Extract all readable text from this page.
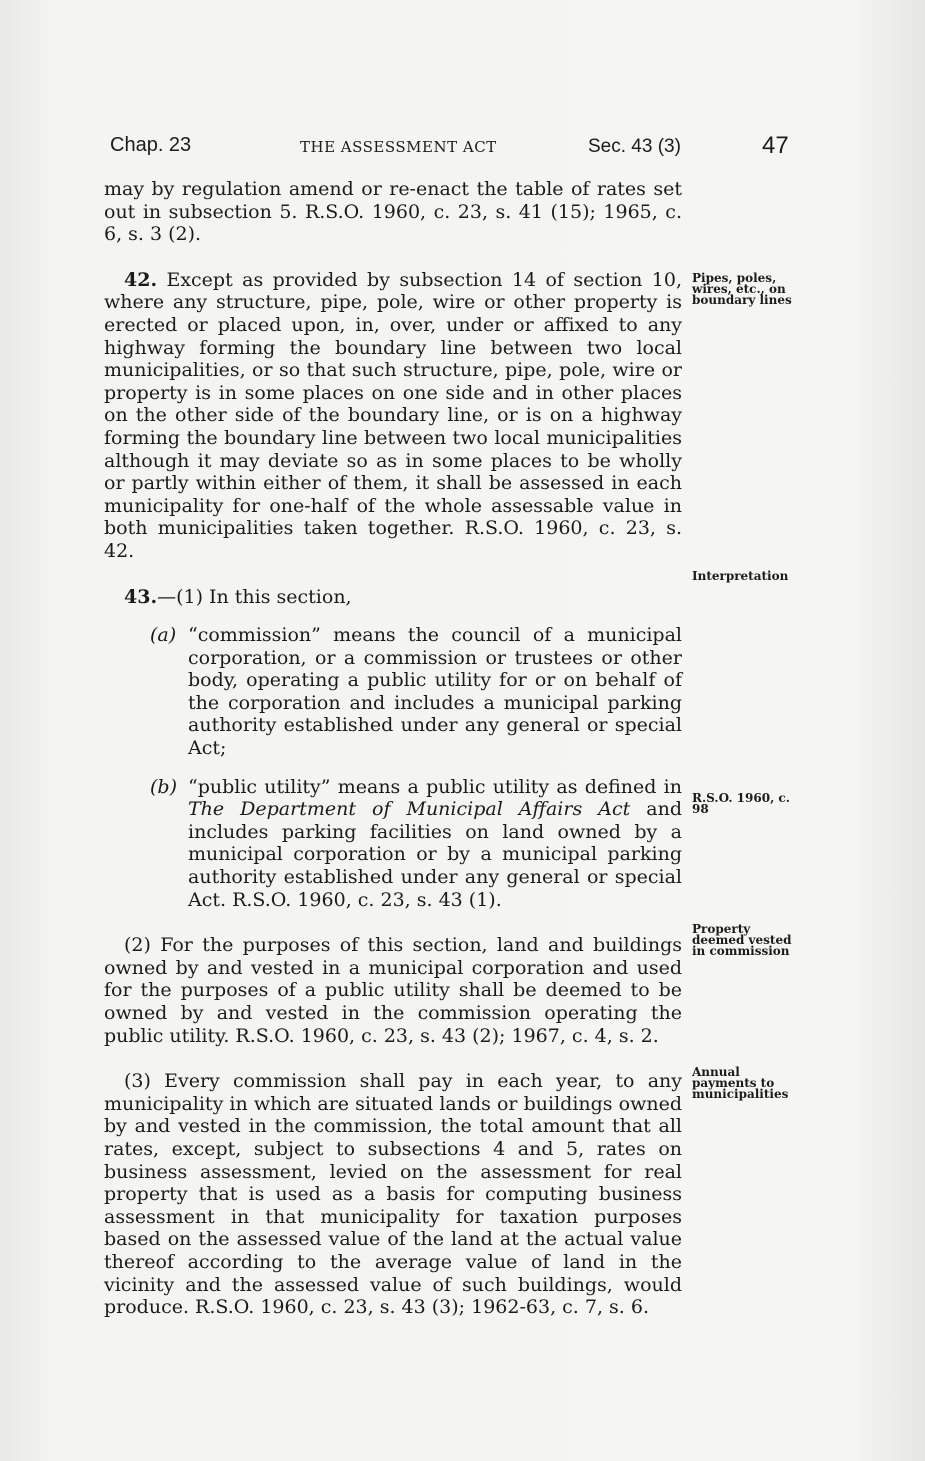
Chap. 23	THE ASSESSMENT ACT	Sec. 43 (3)	47

may by regulation amend or re-enact the table of rates set out in subsection 5. R.S.O. 1960, c. 23, s. 41 (15); 1965, c. 6, s. 3 (2).

42. Except as provided by subsection 14 of section 10, where any structure, pipe, pole, wire or other property is erected or placed upon, in, over, under or affixed to any highway forming the boundary line between two local municipalities, or so that such structure, pipe, pole, wire or property is in some places on one side and in other places on the other side of the boundary line, or is on a highway forming the boundary line between two local municipalities although it may deviate so as in some places to be wholly or partly within either of them, it shall be assessed in each municipality for one-half of the whole assessable value in both municipalities taken together. R.S.O. 1960, c. 23, s. 42.

43.—(1) In this section,

(a) “commission” means the council of a municipal corporation, or a commission or trustees or other body, operating a public utility for or on behalf of the corporation and includes a municipal parking authority established under any general or special Act;

(b) “public utility” means a public utility as defined in The Department of Municipal Affairs Act and includes parking facilities on land owned by a municipal corporation or by a municipal parking authority established under any general or special Act. R.S.O. 1960, c. 23, s. 43 (1).

(2) For the purposes of this section, land and buildings owned by and vested in a municipal corporation and used for the purposes of a public utility shall be deemed to be owned by and vested in the commission operating the public utility. R.S.O. 1960, c. 23, s. 43 (2); 1967, c. 4, s. 2.

(3) Every commission shall pay in each year, to any municipality in which are situated lands or buildings owned by and vested in the commission, the total amount that all rates, except, subject to subsections 4 and 5, rates on business assessment, levied on the assessment for real property that is used as a basis for computing business assessment in that municipality for taxation purposes based on the assessed value of the land at the actual value thereof according to the average value of land in the vicinity and the assessed value of such buildings, would produce. R.S.O. 1960, c. 23, s. 43 (3); 1962-63, c. 7, s. 6.

Pipes, poles, wires, etc., on boundary lines
Interpretation
R.S.O. 1960, c. 98
Property deemed vested in commission
Annual payments to municipalities
